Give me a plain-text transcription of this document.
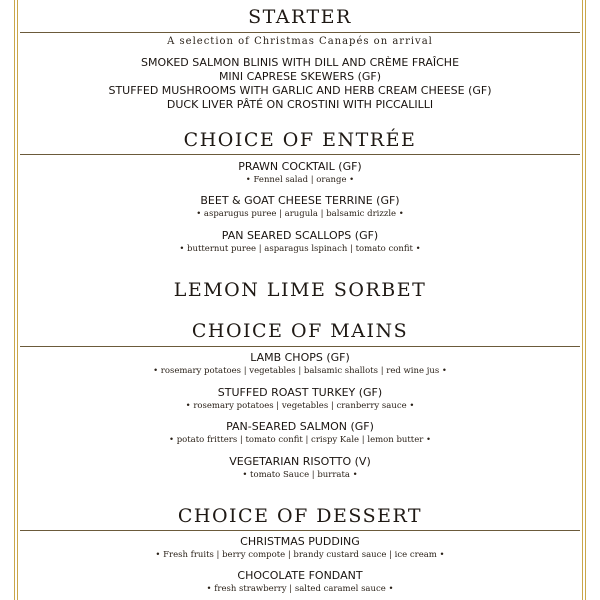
STARTER
A selection of Christmas Canapés on arrival
SMOKED SALMON BLINIS WITH DILL AND CRÈME FRAÎCHE
MINI CAPRESE SKEWERS (GF)
STUFFED MUSHROOMS WITH GARLIC AND HERB CREAM CHEESE (GF)
DUCK LIVER PÂTÉ ON CROSTINI WITH PICCALILLI
CHOICE OF ENTRÉE
PRAWN COCKTAIL (GF)
• Fennel salad | orange •
BEET & GOAT CHEESE TERRINE (GF)
• asparugus puree | arugula | balsamic drizzle •
PAN SEARED SCALLOPS (GF)
• butternut puree | asparagus lspinach | tomato confit •
LEMON LIME SORBET
CHOICE OF MAINS
LAMB CHOPS (GF)
• rosemary potatoes | vegetables | balsamic shallots | red wine jus •
STUFFED ROAST TURKEY (GF)
• rosemary potatoes | vegetables | cranberry sauce •
PAN-SEARED SALMON (GF)
• potato fritters | tomato confit | crispy Kale | lemon butter •
VEGETARIAN RISOTTO (V)
• tomato Sauce | burrata •
CHOICE OF DESSERT
CHRISTMAS PUDDING
• Fresh fruits | berry compote | brandy custard sauce | ice cream •
CHOCOLATE FONDANT
• fresh strawberry | salted caramel sauce •
